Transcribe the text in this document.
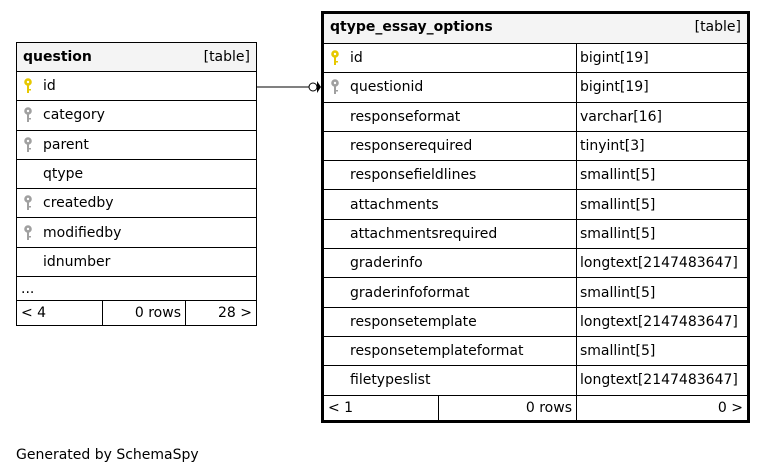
question	[table]
id
category
parent
qtype
createdby
modifiedby
idnumber
...
< 4	0 rows	28 >
qtype_essay_options	[table]
id	bigint[19]
questionid	bigint[19]
responseformat	varchar[16]
responserequired	tinyint[3]
responsefieldlines	smallint[5]
attachments	smallint[5]
attachmentsrequired	smallint[5]
graderinfo	longtext[2147483647]
graderinfoformat	smallint[5]
responsetemplate	longtext[2147483647]
responsetemplateformat	smallint[5]
filetypeslist	longtext[2147483647]
< 1	0 rows	0 >
Generated by SchemaSpy
